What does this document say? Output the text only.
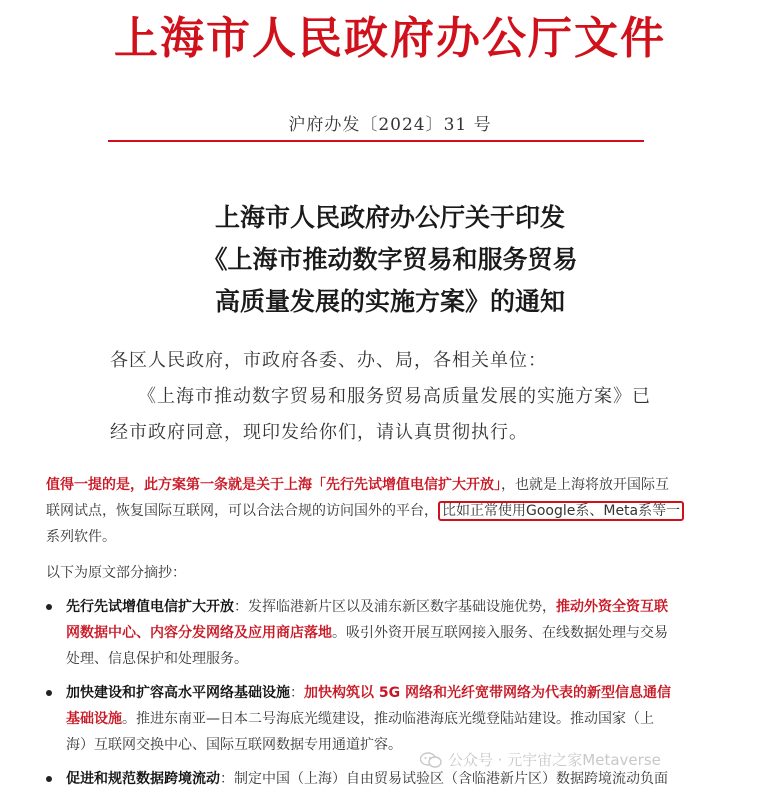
上海市人民政府办公厅文件
沪府办发〔2024〕31 号
上海市人民政府办公厅关于印发
《上海市推动数字贸易和服务贸易
高质量发展的实施方案》的通知
各区人民政府，市政府各委、办、局，各相关单位：
《上海市推动数字贸易和服务贸易高质量发展的实施方案》已
经市政府同意，现印发给你们，请认真贯彻执行。
值得一提的是，此方案第一条就是关于上海「先行先试增值电信扩大开放」，也就是上海将放开国际互
联网试点，恢复国际互联网，可以合法合规的访问国外的平台， 比如正常使用Google系、Meta系等一
系列软件。
以下为原文部分摘抄：
先行先试增值电信扩大开放：发挥临港新片区以及浦东新区数字基础设施优势，推动外资全资互联
网数据中心、内容分发网络及应用商店落地。吸引外资开展互联网接入服务、在线数据处理与交易
处理、信息保护和处理服务。
加快建设和扩容高水平网络基础设施：加快构筑以 5G 网络和光纤宽带网络为代表的新型信息通信
基础设施。推进东南亚—日本二号海底光缆建设，推动临港海底光缆登陆站建设。推动国家（上
海）互联网交换中心、国际互联网数据专用通道扩容。
促进和规范数据跨境流动：制定中国（上海）自由贸易试验区（含临港新片区）数据跨境流动负面
公众号 · 元宇宙之家Metaverse
